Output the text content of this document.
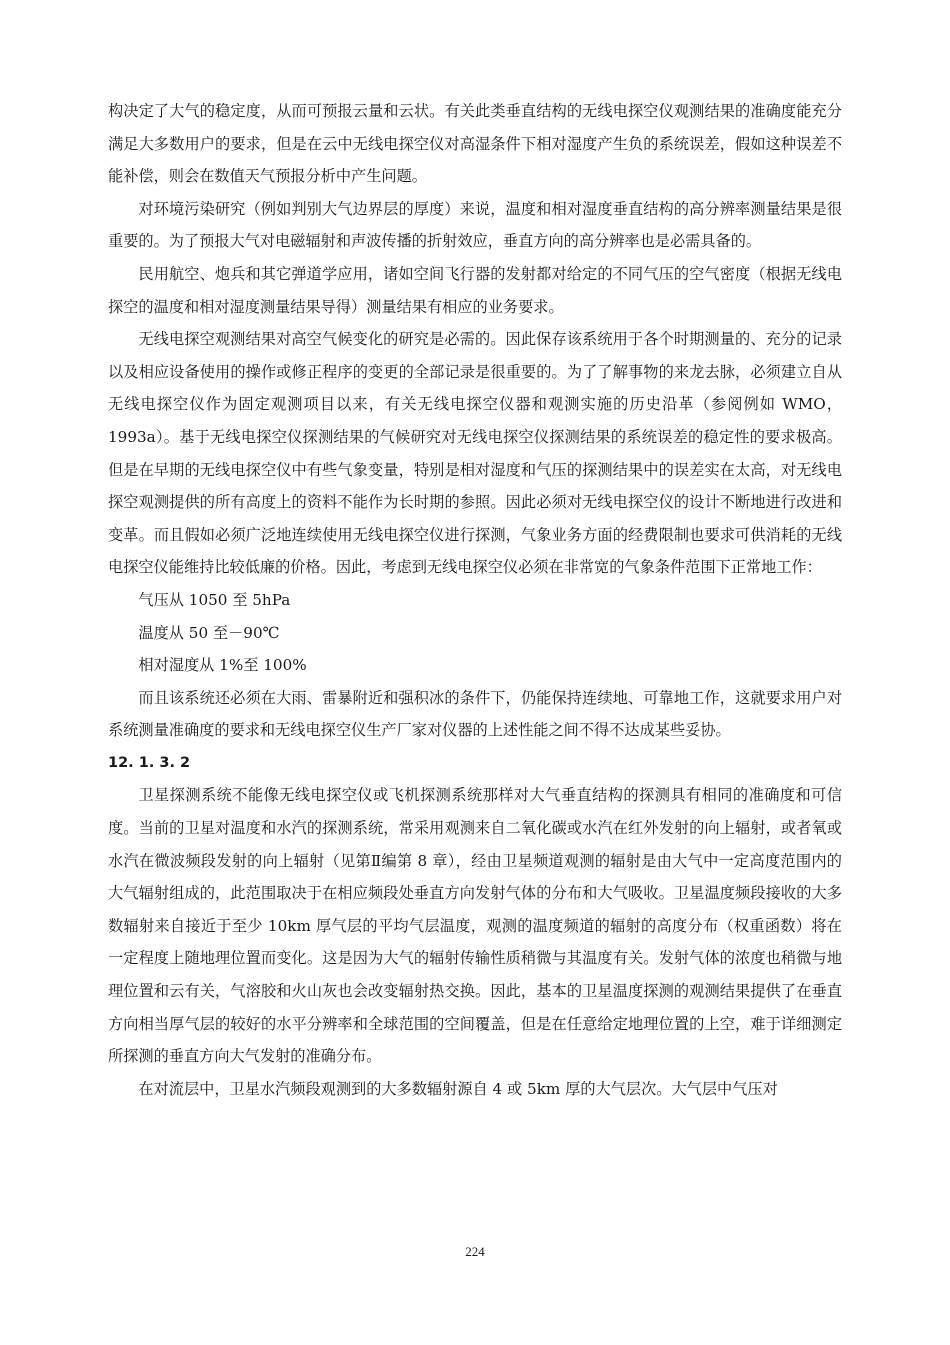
构决定了大气的稳定度，从而可预报云量和云状。有关此类垂直结构的无线电探空仪观测结果的准确度能充分满足大多数用户的要求，但是在云中无线电探空仪对高湿条件下相对湿度产生负的系统误差，假如这种误差不能补偿，则会在数值天气预报分析中产生问题。

对环境污染研究（例如判别大气边界层的厚度）来说，温度和相对湿度垂直结构的高分辨率测量结果是很重要的。为了预报大气对电磁辐射和声波传播的折射效应，垂直方向的高分辨率也是必需具备的。

民用航空、炮兵和其它弹道学应用，诸如空间飞行器的发射都对给定的不同气压的空气密度（根据无线电探空的温度和相对湿度测量结果导得）测量结果有相应的业务要求。

无线电探空观测结果对高空气候变化的研究是必需的。因此保存该系统用于各个时期测量的、充分的记录以及相应设备使用的操作或修正程序的变更的全部记录是很重要的。为了了解事物的来龙去脉，必须建立自从无线电探空仪作为固定观测项目以来，有关无线电探空仪器和观测实施的历史沿革（参阅例如 WMO，1993a）。基于无线电探空仪探测结果的气候研究对无线电探空仪探测结果的系统误差的稳定性的要求极高。但是在早期的无线电探空仪中有些气象变量，特别是相对湿度和气压的探测结果中的误差实在太高，对无线电探空观测提供的所有高度上的资料不能作为长时期的参照。因此必须对无线电探空仪的设计不断地进行改进和变革。而且假如必须广泛地连续使用无线电探空仪进行探测，气象业务方面的经费限制也要求可供消耗的无线电探空仪能维持比较低廉的价格。因此，考虑到无线电探空仪必须在非常宽的气象条件范围下正常地工作：

气压从 1050 至 5hPa

温度从 50 至－90℃

相对湿度从 1%至 100%

而且该系统还必须在大雨、雷暴附近和强积冰的条件下，仍能保持连续地、可靠地工作，这就要求用户对系统测量准确度的要求和无线电探空仪生产厂家对仪器的上述性能之间不得不达成某些妥协。

12. 1. 3. 2

卫星探测系统不能像无线电探空仪或飞机探测系统那样对大气垂直结构的探测具有相同的准确度和可信度。当前的卫星对温度和水汽的探测系统，常采用观测来自二氧化碳或水汽在红外发射的向上辐射，或者氧或水汽在微波频段发射的向上辐射（见第Ⅱ编第 8 章），经由卫星频道观测的辐射是由大气中一定高度范围内的大气辐射组成的，此范围取决于在相应频段处垂直方向发射气体的分布和大气吸收。卫星温度频段接收的大多数辐射来自接近于至少 10km 厚气层的平均气层温度，观测的温度频道的辐射的高度分布（权重函数）将在一定程度上随地理位置而变化。这是因为大气的辐射传输性质稍微与其温度有关。发射气体的浓度也稍微与地理位置和云有关，气溶胶和火山灰也会改变辐射热交换。因此，基本的卫星温度探测的观测结果提供了在垂直方向相当厚气层的较好的水平分辨率和全球范围的空间覆盖，但是在任意给定地理位置的上空，难于详细测定所探测的垂直方向大气发射的准确分布。

在对流层中，卫星水汽频段观测到的大多数辐射源自 4 或 5km 厚的大气层次。大气层中气压对

224
